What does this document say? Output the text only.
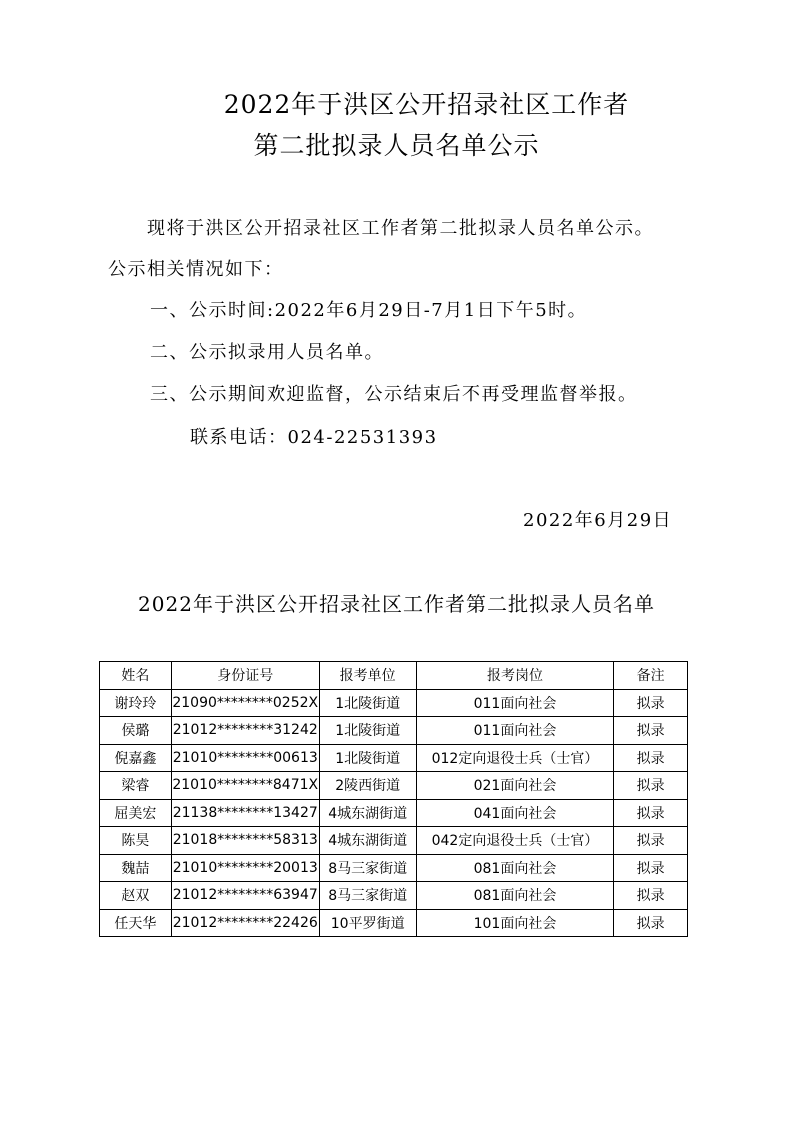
2022年于洪区公开招录社区工作者
第二批拟录人员名单公示
现将于洪区公开招录社区工作者第二批拟录人员名单公示。
公示相关情况如下：
一、公示时间:2022年6月29日-7月1日下午5时。
二、公示拟录用人员名单。
三、公示期间欢迎监督，公示结束后不再受理监督举报。
联系电话：024-22531393
2022年6月29日
2022年于洪区公开招录社区工作者第二批拟录人员名单
姓名	身份证号	报考单位	报考岗位	备注
谢玲玲	21090********0252X	1北陵街道	011面向社会	拟录
侯璐	21012********31242	1北陵街道	011面向社会	拟录
倪嘉鑫	21010********00613	1北陵街道	012定向退役士兵（士官）	拟录
梁睿	21010********8471X	2陵西街道	021面向社会	拟录
屈美宏	21138********13427	4城东湖街道	041面向社会	拟录
陈昊	21018********58313	4城东湖街道	042定向退役士兵（士官）	拟录
魏喆	21010********20013	8马三家街道	081面向社会	拟录
赵双	21012********63947	8马三家街道	081面向社会	拟录
任天华	21012********22426	10平罗街道	101面向社会	拟录
